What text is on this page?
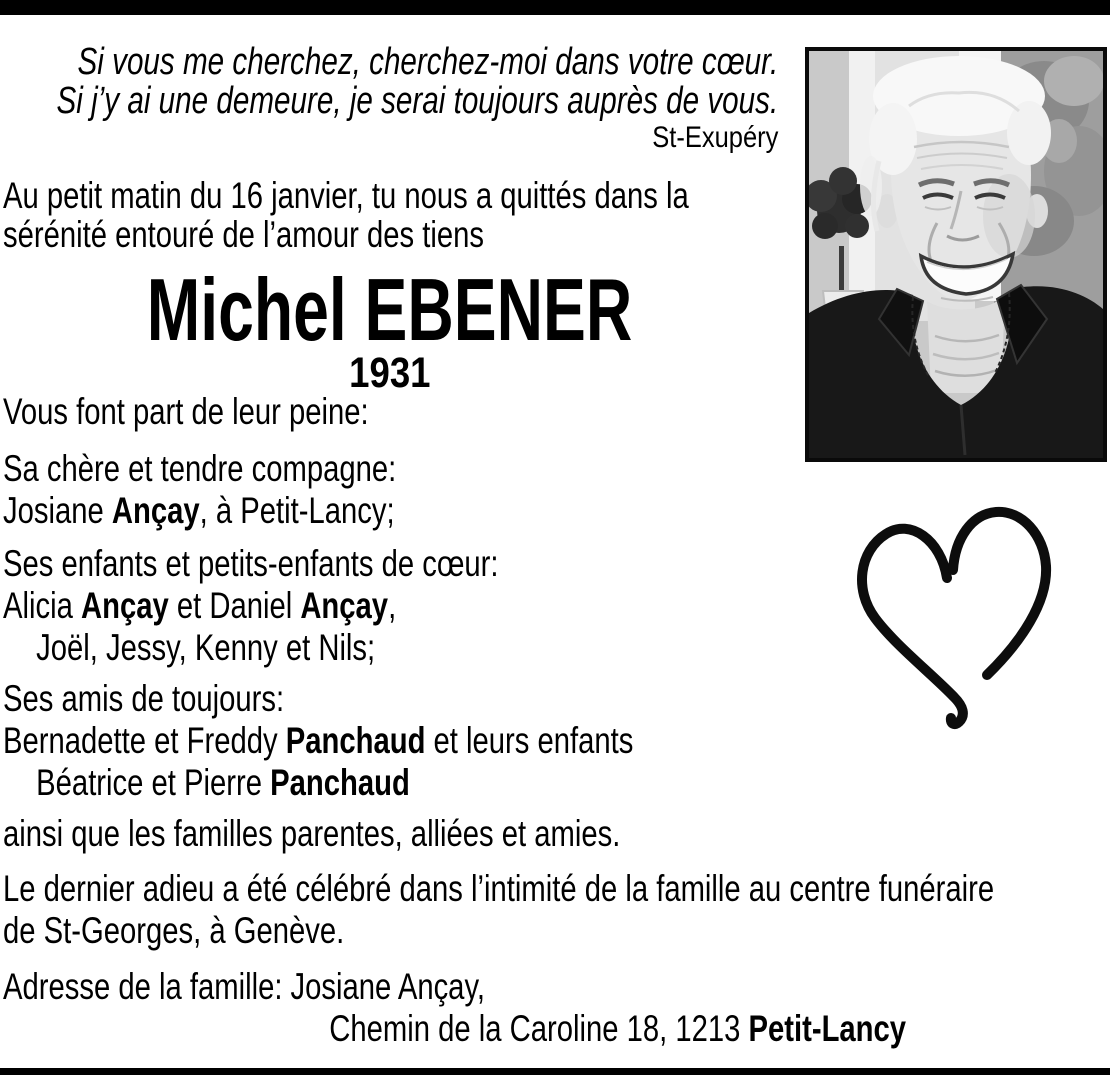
Si vous me cherchez, cherchez-moi dans votre cœur.
Si j’y ai une demeure, je serai toujours auprès de vous.
St-Exupéry
Au petit matin du 16 janvier, tu nous a quittés dans la
sérénité entouré de l’amour des tiens
Michel EBENER
1931
Vous font part de leur peine:
Sa chère et tendre compagne:
Josiane Ançay, à Petit-Lancy;
Ses enfants et petits-enfants de cœur:
Alicia Ançay et Daniel Ançay,
Joël, Jessy, Kenny et Nils;
Ses amis de toujours:
Bernadette et Freddy Panchaud et leurs enfants
Béatrice et Pierre Panchaud
ainsi que les familles parentes, alliées et amies.
Le dernier adieu a été célébré dans l’intimité de la famille au centre funéraire
de St-Georges, à Genève.
Adresse de la famille: Josiane Ançay,
Chemin de la Caroline 18, 1213 Petit-Lancy
